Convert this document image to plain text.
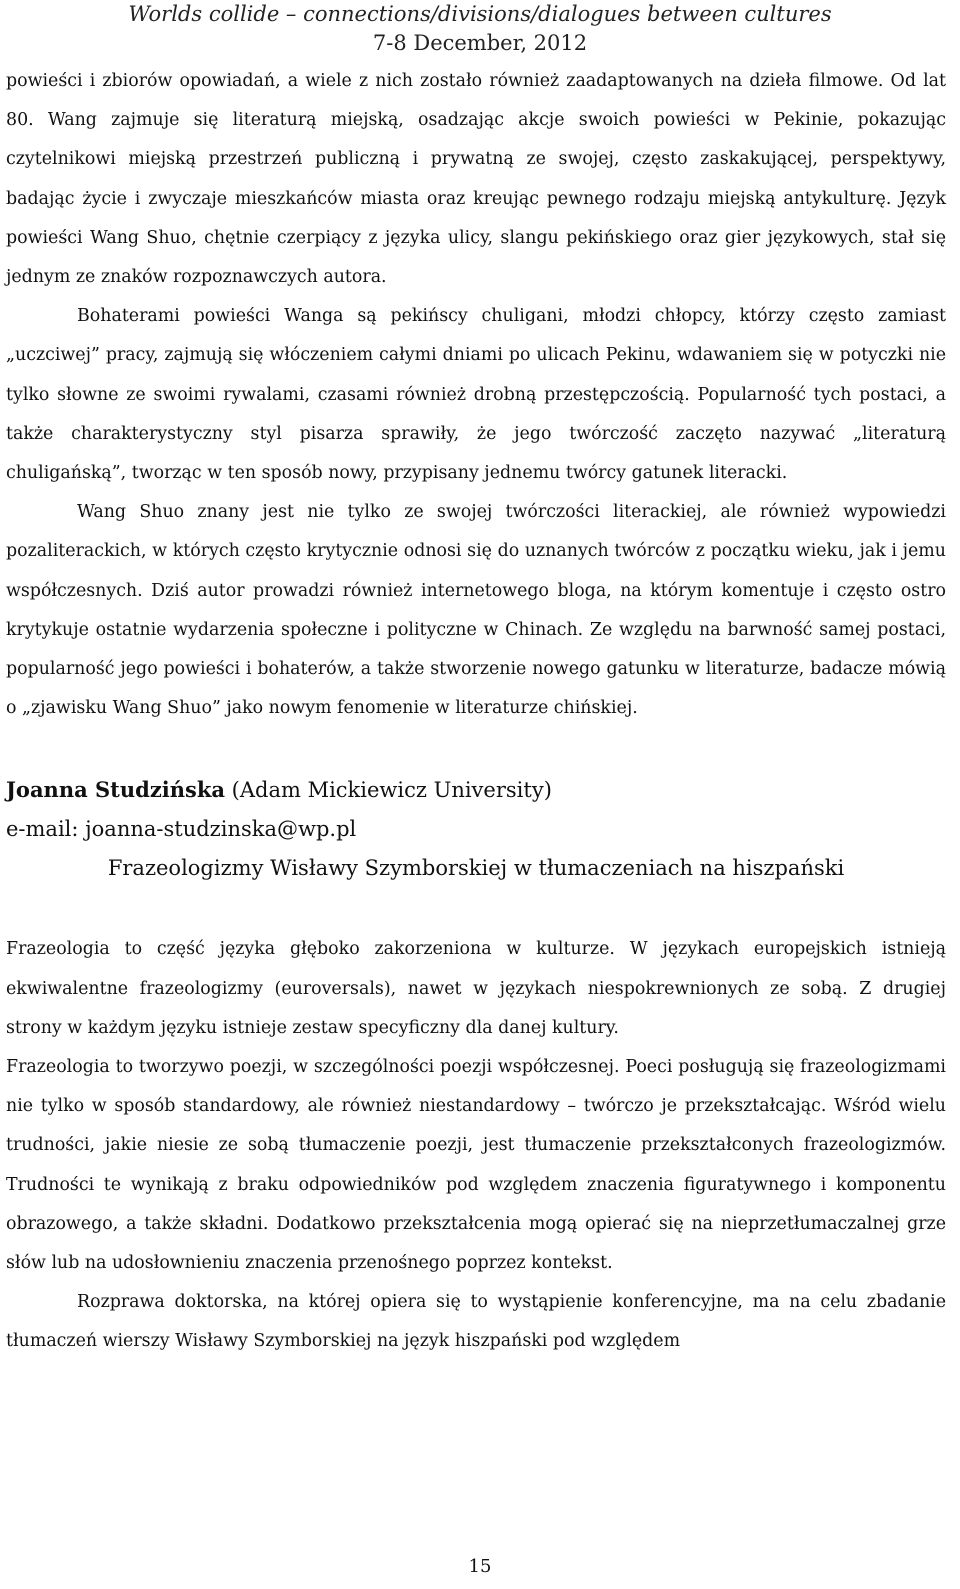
Worlds collide – connections/divisions/dialogues between cultures
7-8 December, 2012

powieści i zbiorów opowiadań, a wiele z nich zostało również zaadaptowanych na dzieła filmowe. Od lat 80. Wang zajmuje się literaturą miejską, osadzając akcje swoich powieści w Pekinie, pokazując czytelnikowi miejską przestrzeń publiczną i prywatną ze swojej, często zaskakującej, perspektywy, badając życie i zwyczaje mieszkańców miasta oraz kreując pewnego rodzaju miejską antykulturę. Język powieści Wang Shuo, chętnie czerpiący z języka ulicy, slangu pekińskiego oraz gier językowych, stał się jednym ze znaków rozpoznawczych autora.

Bohaterami powieści Wanga są pekińscy chuligani, młodzi chłopcy, którzy często zamiast „uczciwej” pracy, zajmują się włóczeniem całymi dniami po ulicach Pekinu, wdawaniem się w potyczki nie tylko słowne ze swoimi rywalami, czasami również drobną przestępczością. Popularność tych postaci, a także charakterystyczny styl pisarza sprawiły, że jego twórczość zaczęto nazywać „literaturą chuligańską”, tworząc w ten sposób nowy, przypisany jednemu twórcy gatunek literacki.

Wang Shuo znany jest nie tylko ze swojej twórczości literackiej, ale również wypowiedzi pozaliterackich, w których często krytycznie odnosi się do uznanych twórców z początku wieku, jak i jemu współczesnych. Dziś autor prowadzi również internetowego bloga, na którym komentuje i często ostro krytykuje ostatnie wydarzenia społeczne i polityczne w Chinach. Ze względu na barwność samej postaci, popularność jego powieści i bohaterów, a także stworzenie nowego gatunku w literaturze, badacze mówią o „zjawisku Wang Shuo” jako nowym fenomenie w literaturze chińskiej.

Joanna Studzińska (Adam Mickiewicz University)

e-mail: joanna-studzinska@wp.pl

Frazeologizmy Wisławy Szymborskiej w tłumaczeniach na hiszpański

Frazeologia to część języka głęboko zakorzeniona w kulturze. W językach europejskich istnieją ekwiwalentne frazeologizmy (euroversals), nawet w językach niespokrewnionych ze sobą. Z drugiej strony w każdym języku istnieje zestaw specyficzny dla danej kultury.

Frazeologia to tworzywo poezji, w szczególności poezji współczesnej. Poeci posługują się frazeologizmami nie tylko w sposób standardowy, ale również niestandardowy – twórczo je przekształcając. Wśród wielu trudności, jakie niesie ze sobą tłumaczenie poezji, jest tłumaczenie przekształconych frazeologizmów. Trudności te wynikają z braku odpowiedników pod względem znaczenia figuratywnego i komponentu obrazowego, a także składni. Dodatkowo przekształcenia mogą opierać się na nieprzetłumaczalnej grze słów lub na udosłownieniu znaczenia przenośnego poprzez kontekst.

Rozprawa doktorska, na której opiera się to wystąpienie konferencyjne, ma na celu zbadanie tłumaczeń wierszy Wisławy Szymborskiej na język hiszpański pod względem

15
